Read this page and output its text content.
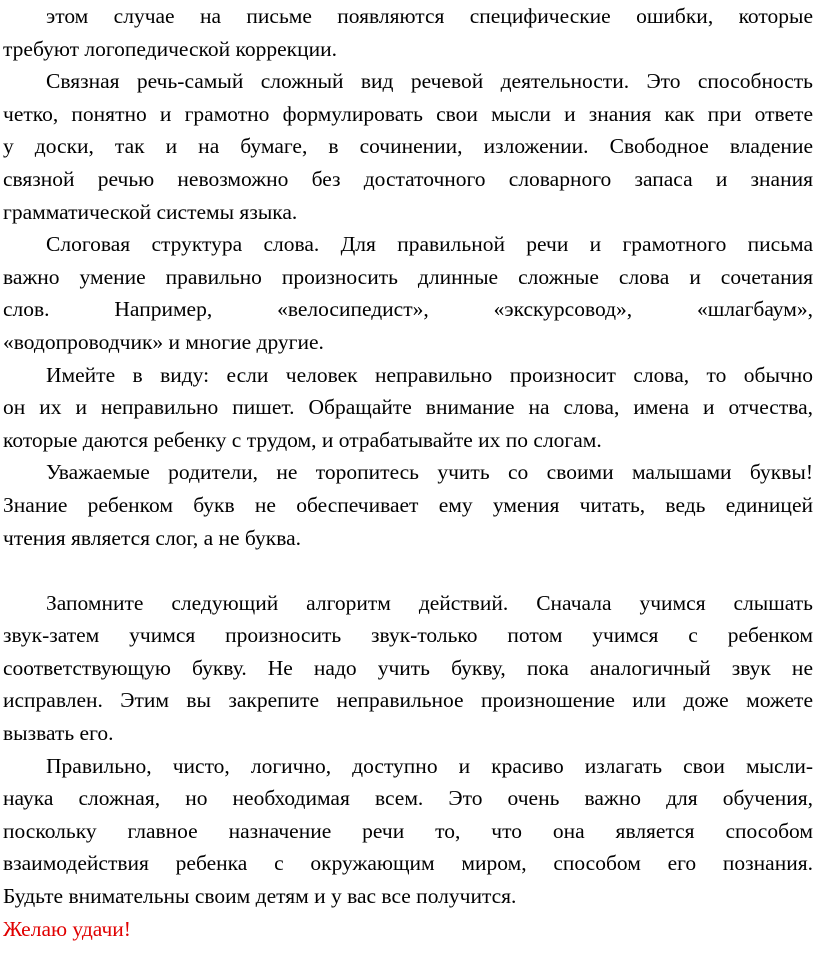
этом случае на письме появляются специфические ошибки, которые
требуют логопедической коррекции.
Связная речь-самый сложный вид речевой деятельности. Это способность
четко, понятно и грамотно формулировать свои мысли и знания как при ответе
у доски, так и на бумаге, в сочинении, изложении. Свободное владение
связной речью невозможно без достаточного словарного запаса и знания
грамматической системы языка.
Слоговая структура слова. Для правильной речи и грамотного письма
важно умение правильно произносить длинные сложные слова и сочетания
слов. Например, «велосипедист», «экскурсовод», «шлагбаум»,
«водопроводчик» и многие другие.
Имейте в виду: если человек неправильно произносит слова, то обычно
он их и неправильно пишет. Обращайте внимание на слова, имена и отчества,
которые даются ребенку с трудом, и отрабатывайте их по слогам.
Уважаемые родители, не торопитесь учить со своими малышами буквы!
Знание ребенком букв не обеспечивает ему умения читать, ведь единицей
чтения является слог, а не буква.
Запомните следующий алгоритм действий. Сначала учимся слышать
звук-затем учимся произносить звук-только потом учимся с ребенком
соответствующую букву. Не надо учить букву, пока аналогичный звук не
исправлен. Этим вы закрепите неправильное произношение или доже можете
вызвать его.
Правильно, чисто, логично, доступно и красиво излагать свои мысли-
наука сложная, но необходимая всем. Это очень важно для обучения,
поскольку главное назначение речи то, что она является способом
взаимодействия ребенка с окружающим миром, способом его познания.
Будьте внимательны своим детям и у вас все получится.
Желаю удачи!
